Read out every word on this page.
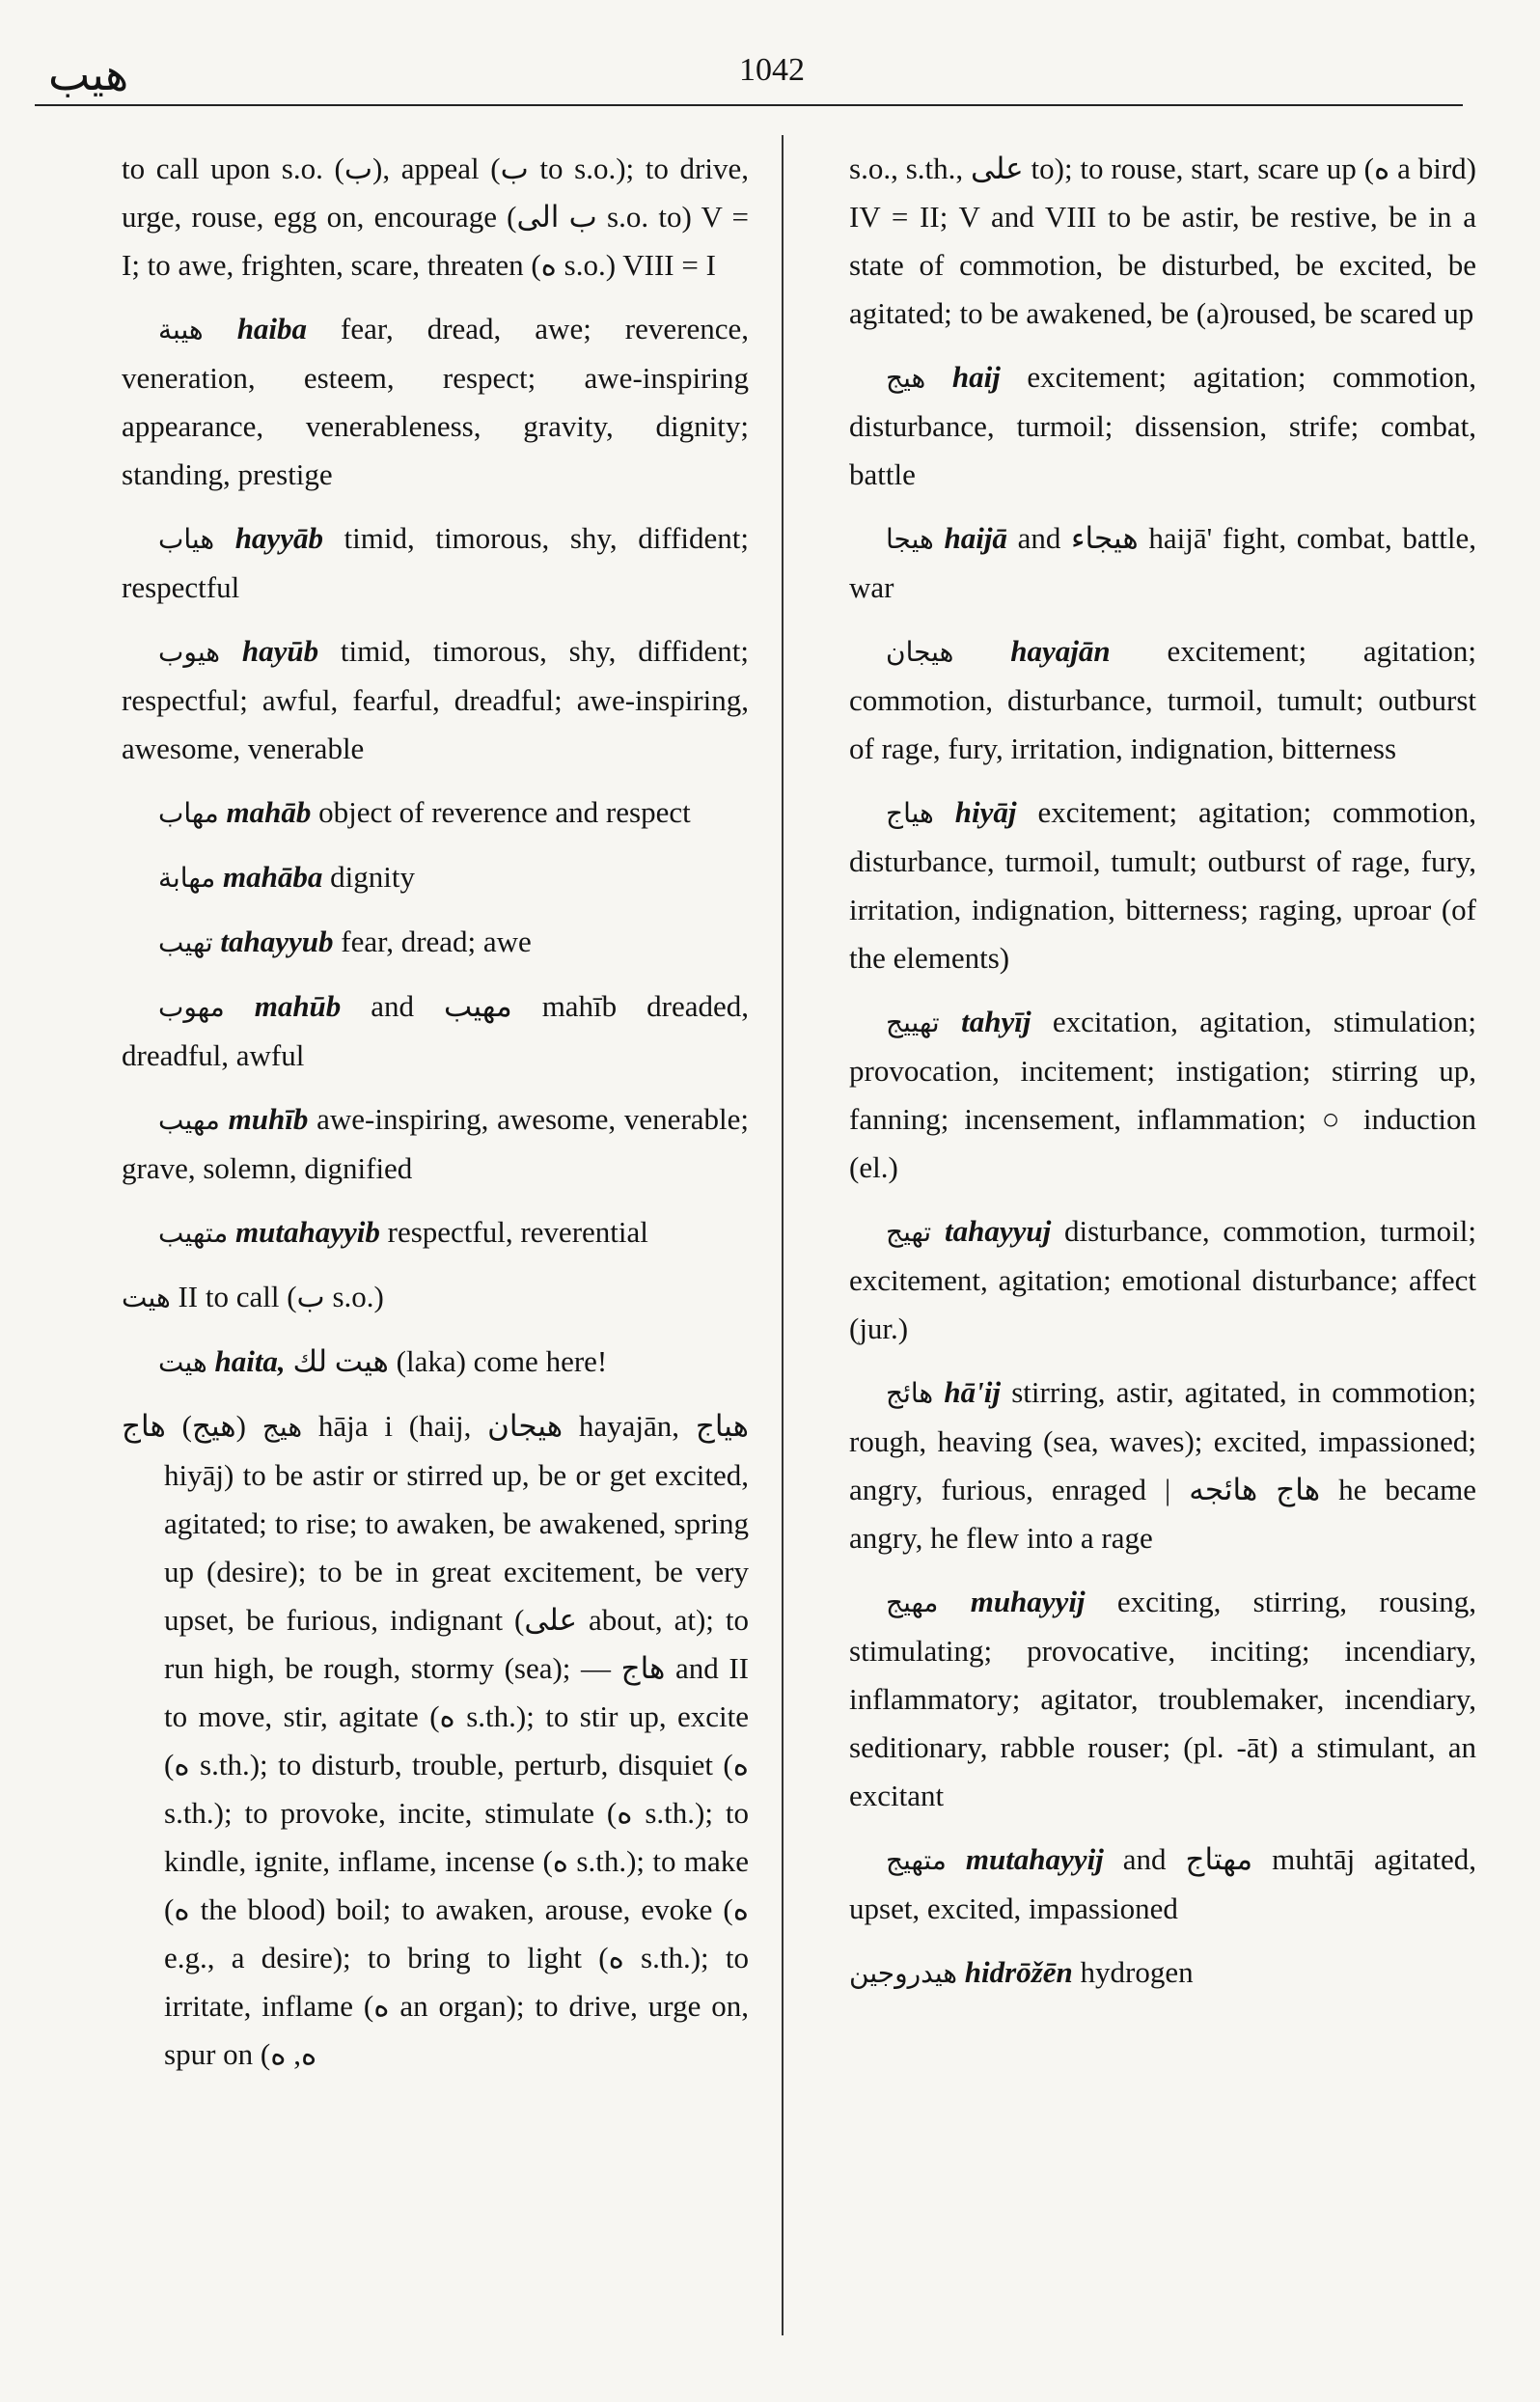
هيب	1042

to call upon s.o. (ب), appeal (ب to s.o.); to drive, urge, rouse, egg on, encourage (ب الى s.o. to) V = I; to awe, frighten, scare, threaten (ه s.o.) VIII = I

هيبة haiba fear, dread, awe; reverence, veneration, esteem, respect; awe-inspiring appearance, venerableness, gravity, dignity; standing, prestige

هياب hayyāb timid, timorous, shy, diffident; respectful

هيوب hayūb timid, timorous, shy, diffident; respectful; awful, fearful, dreadful; awe-inspiring, awesome, venerable

مهاب mahāb object of reverence and respect

مهابة mahāba dignity

تهيب tahayyub fear, dread; awe

مهوب mahūb and مهيب mahīb dreaded, dreadful, awful

مهيب muhīb awe-inspiring, awesome, venerable; grave, solemn, dignified

متهيب mutahayyib respectful, reverential

هيت II to call (ب s.o.)

هيت haita, هيت لك (laka) come here!

هيج (هيج) هاج hāja i (haij, هيجان hayajān, هياج hiyāj) to be astir or stirred up, be or get excited, agitated; to rise; to awaken, be awakened, spring up (desire); to be in great excitement, be very upset, be furious, indignant (على about, at); to run high, be rough, stormy (sea); — هاج and II to move, stir, agitate (ه s.th.); to stir up, excite (ه s.th.); to disturb, trouble, perturb, disquiet (ه s.th.); to provoke, incite, stimulate (ه s.th.); to kindle, ignite, inflame, incense (ه s.th.); to make (ه the blood) boil; to awaken, arouse, evoke (ه e.g., a desire); to bring to light (ه s.th.); to irritate, inflame (ه an organ); to drive, urge on, spur on (ه, ه

s.o., s.th., على to); to rouse, start, scare up (ه a bird) IV = II; V and VIII to be astir, be restive, be in a state of commotion, be disturbed, be excited, be agitated; to be awakened, be (a)roused, be scared up

هيج haij excitement; agitation; commotion, disturbance, turmoil; dissension, strife; combat, battle

هيجا haijā and هيجاء haijā' fight, combat, battle, war

هيجان hayajān excitement; agitation; commotion, disturbance, turmoil, tumult; outburst of rage, fury, irritation, indignation, bitterness

هياج hiyāj excitement; agitation; commotion, disturbance, turmoil, tumult; outburst of rage, fury, irritation, indignation, bitterness; raging, uproar (of the elements)

تهييج tahyīj excitation, agitation, stimulation; provocation, incitement; instigation; stirring up, fanning; incensement, inflammation; ○ induction (el.)

تهيج tahayyuj disturbance, commotion, turmoil; excitement, agitation; emotional disturbance; affect (jur.)

هائج hā'ij stirring, astir, agitated, in commotion; rough, heaving (sea, waves); excited, impassioned; angry, furious, enraged | هاج هائجه he became angry, he flew into a rage

مهيج muhayyij exciting, stirring, rousing, stimulating; provocative, inciting; incendiary, inflammatory; agitator, troublemaker, incendiary, seditionary, rabble rouser; (pl. -āt) a stimulant, an excitant

متهيج mutahayyij and مهتاج muhtāj agitated, upset, excited, impassioned

هيدروجين hidrōžēn hydrogen
